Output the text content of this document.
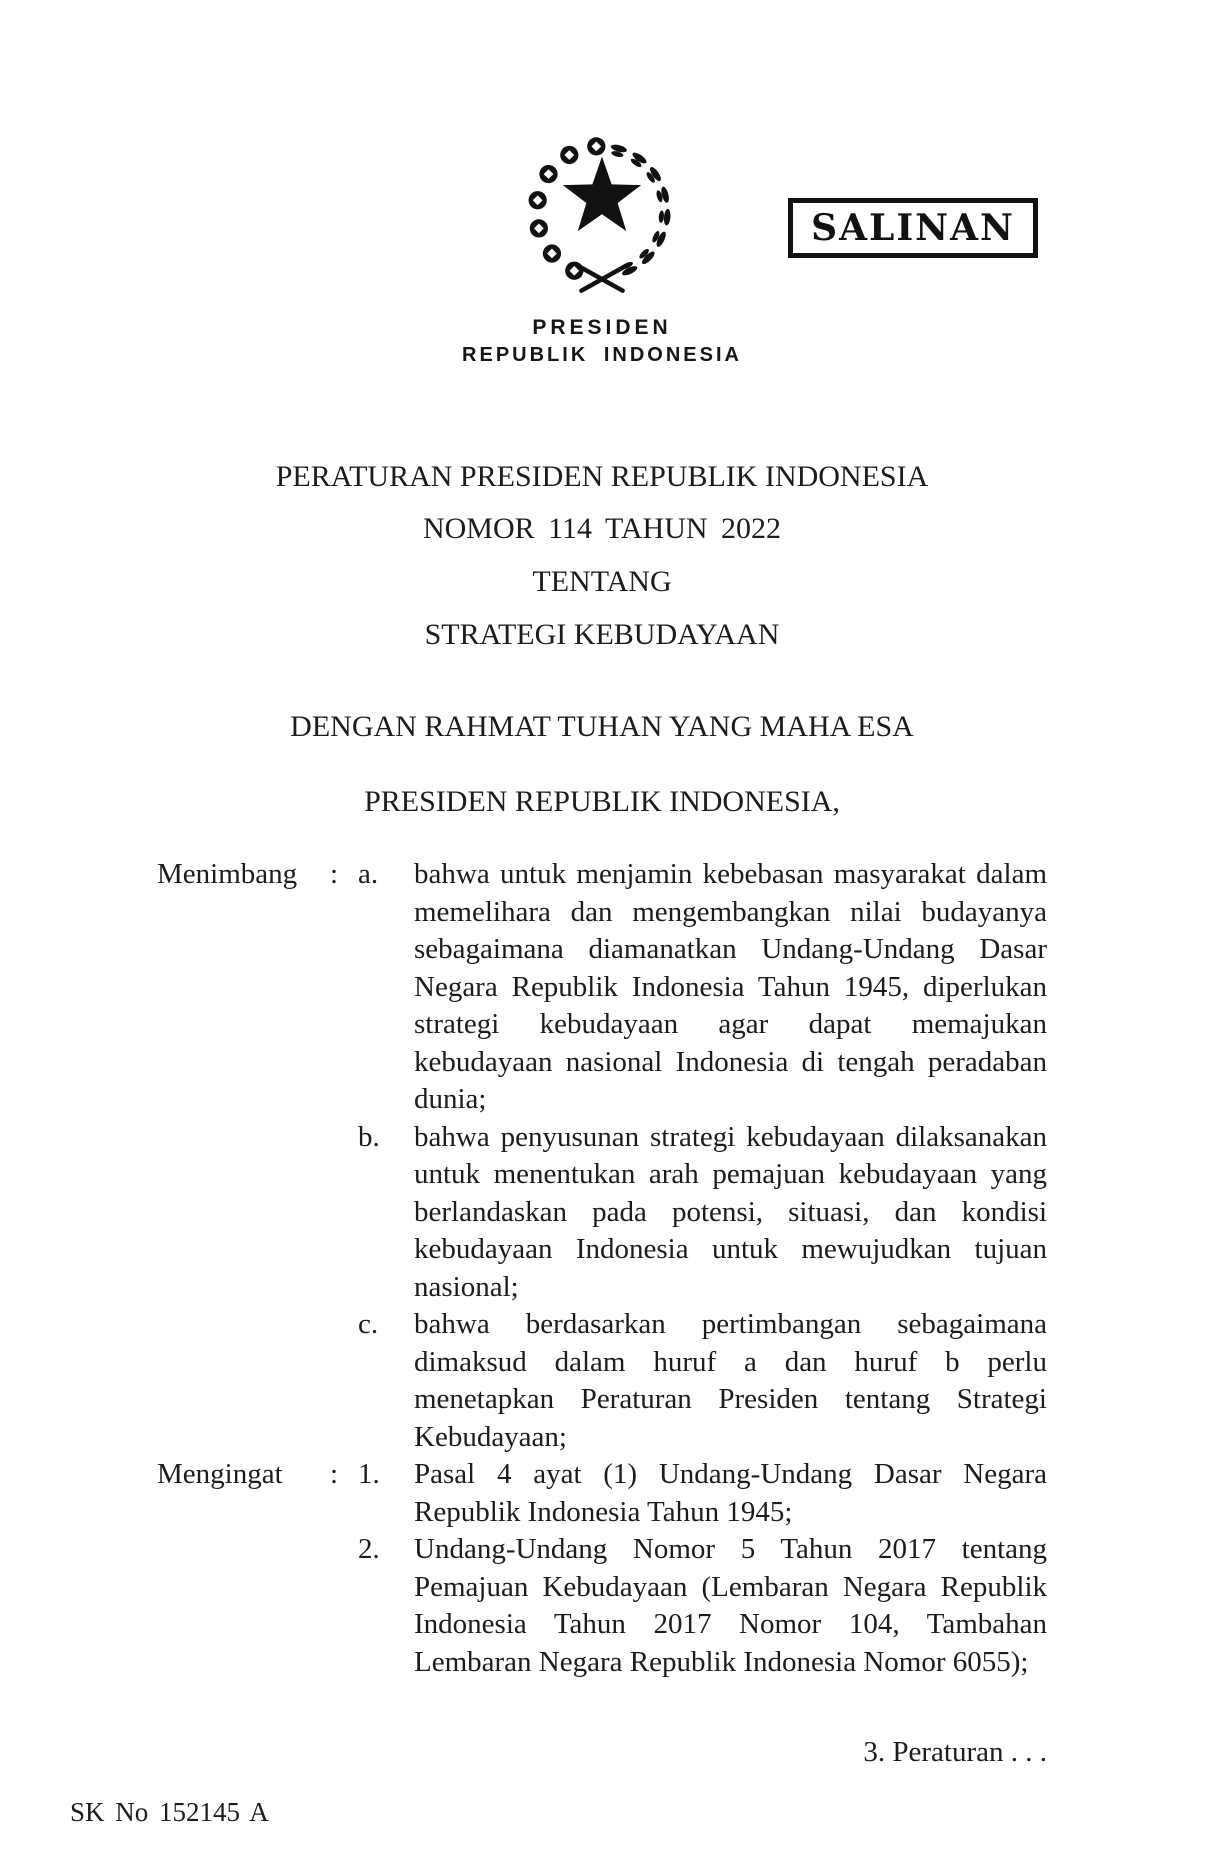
SALINAN
PRESIDEN
REPUBLIK INDONESIA
PERATURAN PRESIDEN REPUBLIK INDONESIA
NOMOR 114 TAHUN 2022
TENTANG
STRATEGI KEBUDAYAAN
DENGAN RAHMAT TUHAN YANG MAHA ESA
PRESIDEN REPUBLIK INDONESIA,
Menimbang	: a.	bahwa untuk menjamin kebebasan masyarakat dalam memelihara dan mengembangkan nilai budayanya sebagaimana diamanatkan Undang-Undang Dasar Negara Republik Indonesia Tahun 1945, diperlukan strategi kebudayaan agar dapat memajukan kebudayaan nasional Indonesia di tengah peradaban dunia;
b.	bahwa penyusunan strategi kebudayaan dilaksanakan untuk menentukan arah pemajuan kebudayaan yang berlandaskan pada potensi, situasi, dan kondisi kebudayaan Indonesia untuk mewujudkan tujuan nasional;
c.	bahwa berdasarkan pertimbangan sebagaimana dimaksud dalam huruf a dan huruf b perlu menetapkan Peraturan Presiden tentang Strategi Kebudayaan;
Mengingat	: 1.	Pasal 4 ayat (1) Undang-Undang Dasar Negara Republik Indonesia Tahun 1945;
2.	Undang-Undang Nomor 5 Tahun 2017 tentang Pemajuan Kebudayaan (Lembaran Negara Republik Indonesia Tahun 2017 Nomor 104, Tambahan Lembaran Negara Republik Indonesia Nomor 6055);
3. Peraturan . . .
SK No 152145 A
